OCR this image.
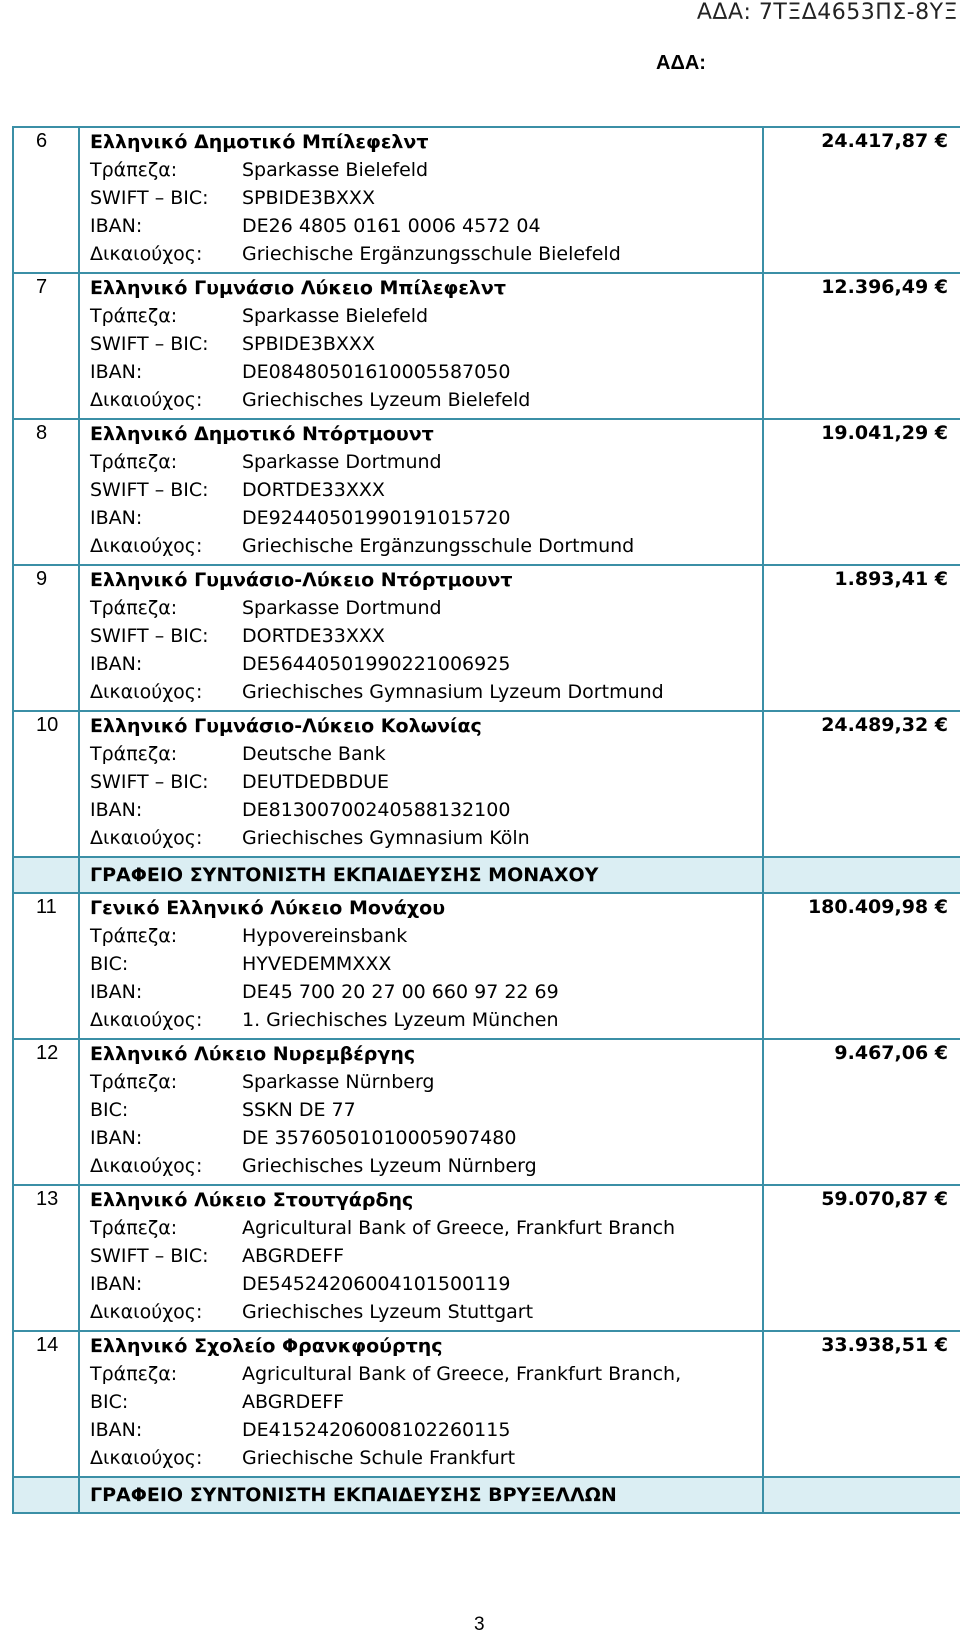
ΑΔΑ: 7ΤΞΔ4653ΠΣ-8ΥΞ
ΑΔΑ:
6	Ελληνικό Δημοτικό Μπίλεφελντ
Τράπεζα: Sparkasse Bielefeld
SWIFT – BIC: SPBIDE3BXXX
IBAN: DE26 4805 0161 0006 4572 04
Δικαιούχος: Griechische Ergänzungsschule Bielefeld	24.417,87 €
7	Ελληνικό Γυμνάσιο Λύκειο Μπίλεφελντ
Τράπεζα: Sparkasse Bielefeld
SWIFT – BIC: SPBIDE3BXXX
IBAN: DE08480501610005587050
Δικαιούχος: Griechisches Lyzeum Bielefeld	12.396,49 €
8	Ελληνικό Δημοτικό Ντόρτμουντ
Τράπεζα: Sparkasse Dortmund
SWIFT – BIC: DORTDE33XXX
IBAN: DE92440501990191015720
Δικαιούχος: Griechische Ergänzungsschule Dortmund	19.041,29 €
9	Ελληνικό Γυμνάσιο-Λύκειο Ντόρτμουντ
Τράπεζα: Sparkasse Dortmund
SWIFT – BIC: DORTDE33XXX
IBAN: DE56440501990221006925
Δικαιούχος: Griechisches Gymnasium Lyzeum Dortmund	1.893,41 €
10	Ελληνικό Γυμνάσιο-Λύκειο Κολωνίας
Τράπεζα: Deutsche Bank
SWIFT – BIC: DEUTDEDBDUE
IBAN: DE81300700240588132100
Δικαιούχος: Griechisches Gymnasium Köln	24.489,32 €

	ΓΡΑΦΕΙΟ ΣΥΝΤΟΝΙΣΤΗ ΕΚΠΑΙΔΕΥΣΗΣ ΜΟΝΑΧΟΥ	

11	Γενικό Ελληνικό Λύκειο Μονάχου
Τράπεζα: Hypovereinsbank
BIC: HYVEDEMMXXX
IBAN: DE45 700 20 27 00 660 97 22 69
Δικαιούχος: 1. Griechisches Lyzeum München	180.409,98 €
12	Ελληνικό Λύκειο Νυρεμβέργης
Τράπεζα: Sparkasse Nürnberg
BIC: SSKN DE 77
IBAN: DE 35760501010005907480
Δικαιούχος: Griechisches Lyzeum Nürnberg	9.467,06 €
13	Ελληνικό Λύκειο Στουτγάρδης
Τράπεζα: Agricultural Bank of Greece, Frankfurt Branch
SWIFT – BIC: ABGRDEFF
IBAN: DE54524206004101500119
Δικαιούχος: Griechisches Lyzeum Stuttgart	59.070,87 €
14	Ελληνικό Σχολείο Φρανκφούρτης
Τράπεζα: Agricultural Bank of Greece, Frankfurt Branch,
BIC: ABGRDEFF
IBAN: DE41524206008102260115
Δικαιούχος: Griechische Schule Frankfurt	33.938,51 €

	ΓΡΑΦΕΙΟ ΣΥΝΤΟΝΙΣΤΗ ΕΚΠΑΙΔΕΥΣΗΣ ΒΡΥΞΕΛΛΩΝ	

3
